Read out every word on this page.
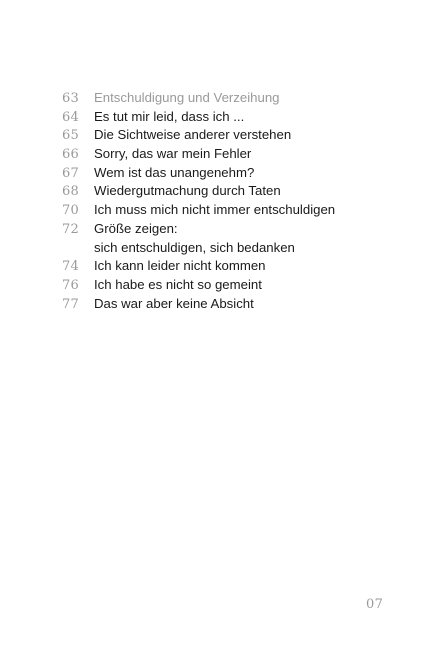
63	Entschuldigung und Verzeihung
64	Es tut mir leid, dass ich ...
65	Die Sichtweise anderer verstehen
66	Sorry, das war mein Fehler
67	Wem ist das unangenehm?
68	Wiedergutmachung durch Taten
70	Ich muss mich nicht immer entschuldigen
72	Größe zeigen:
sich entschuldigen, sich bedanken
74	Ich kann leider nicht kommen
76	Ich habe es nicht so gemeint
77	Das war aber keine Absicht
07
